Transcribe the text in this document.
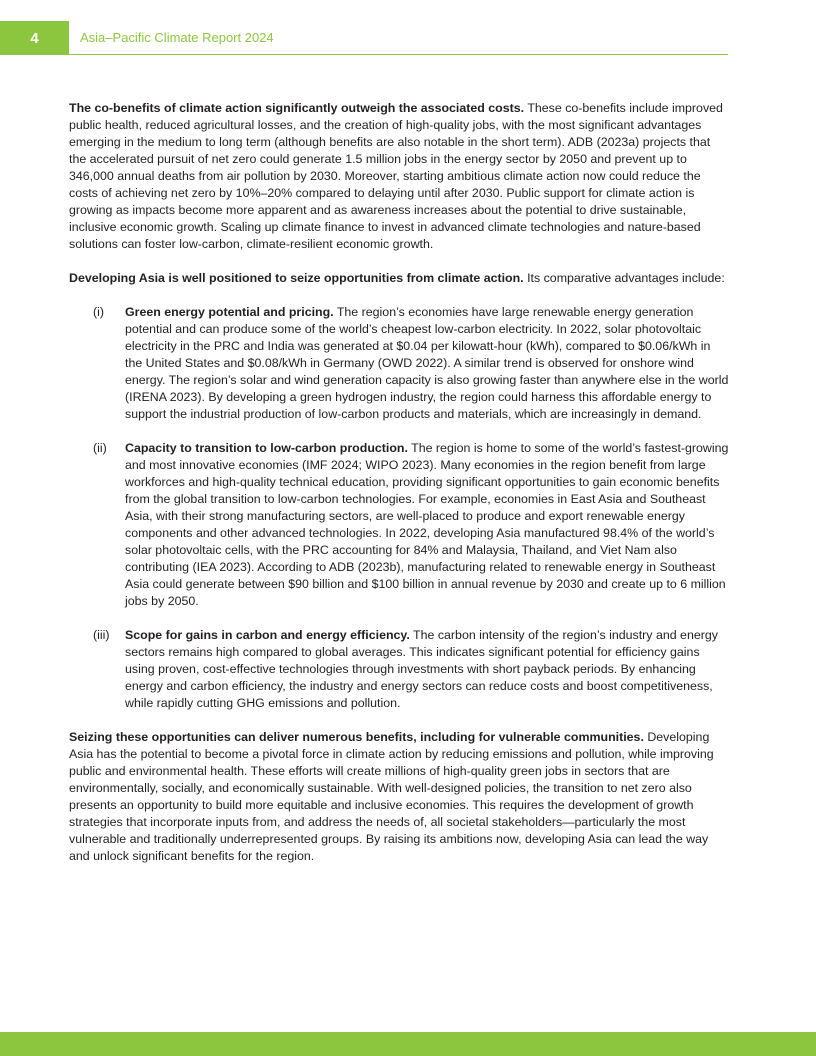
4	Asia–Pacific Climate Report 2024

The co-benefits of climate action significantly outweigh the associated costs. These co-benefits include improved public health, reduced agricultural losses, and the creation of high-quality jobs, with the most significant advantages emerging in the medium to long term (although benefits are also notable in the short term). ADB (2023a) projects that the accelerated pursuit of net zero could generate 1.5 million jobs in the energy sector by 2050 and prevent up to 346,000 annual deaths from air pollution by 2030. Moreover, starting ambitious climate action now could reduce the costs of achieving net zero by 10%–20% compared to delaying until after 2030. Public support for climate action is growing as impacts become more apparent and as awareness increases about the potential to drive sustainable, inclusive economic growth. Scaling up climate finance to invest in advanced climate technologies and nature-based solutions can foster low-carbon, climate-resilient economic growth.

Developing Asia is well positioned to seize opportunities from climate action. Its comparative advantages include:

(i)	Green energy potential and pricing. The region’s economies have large renewable energy generation potential and can produce some of the world’s cheapest low-carbon electricity. In 2022, solar photovoltaic electricity in the PRC and India was generated at $0.04 per kilowatt-hour (kWh), compared to $0.06/kWh in the United States and $0.08/kWh in Germany (OWD 2022). A similar trend is observed for onshore wind energy. The region’s solar and wind generation capacity is also growing faster than anywhere else in the world (IRENA 2023). By developing a green hydrogen industry, the region could harness this affordable energy to support the industrial production of low-carbon products and materials, which are increasingly in demand.

(ii)	Capacity to transition to low-carbon production. The region is home to some of the world’s fastest-growing and most innovative economies (IMF 2024; WIPO 2023). Many economies in the region benefit from large workforces and high-quality technical education, providing significant opportunities to gain economic benefits from the global transition to low-carbon technologies. For example, economies in East Asia and Southeast Asia, with their strong manufacturing sectors, are well-placed to produce and export renewable energy components and other advanced technologies. In 2022, developing Asia manufactured 98.4% of the world’s solar photovoltaic cells, with the PRC accounting for 84% and Malaysia, Thailand, and Viet Nam also contributing (IEA 2023). According to ADB (2023b), manufacturing related to renewable energy in Southeast Asia could generate between $90 billion and $100 billion in annual revenue by 2030 and create up to 6 million jobs by 2050.

(iii)	Scope for gains in carbon and energy efficiency. The carbon intensity of the region’s industry and energy sectors remains high compared to global averages. This indicates significant potential for efficiency gains using proven, cost-effective technologies through investments with short payback periods. By enhancing energy and carbon efficiency, the industry and energy sectors can reduce costs and boost competitiveness, while rapidly cutting GHG emissions and pollution.

Seizing these opportunities can deliver numerous benefits, including for vulnerable communities. Developing Asia has the potential to become a pivotal force in climate action by reducing emissions and pollution, while improving public and environmental health. These efforts will create millions of high-quality green jobs in sectors that are environmentally, socially, and economically sustainable. With well-designed policies, the transition to net zero also presents an opportunity to build more equitable and inclusive economies. This requires the development of growth strategies that incorporate inputs from, and address the needs of, all societal stakeholders—particularly the most vulnerable and traditionally underrepresented groups. By raising its ambitions now, developing Asia can lead the way and unlock significant benefits for the region.
